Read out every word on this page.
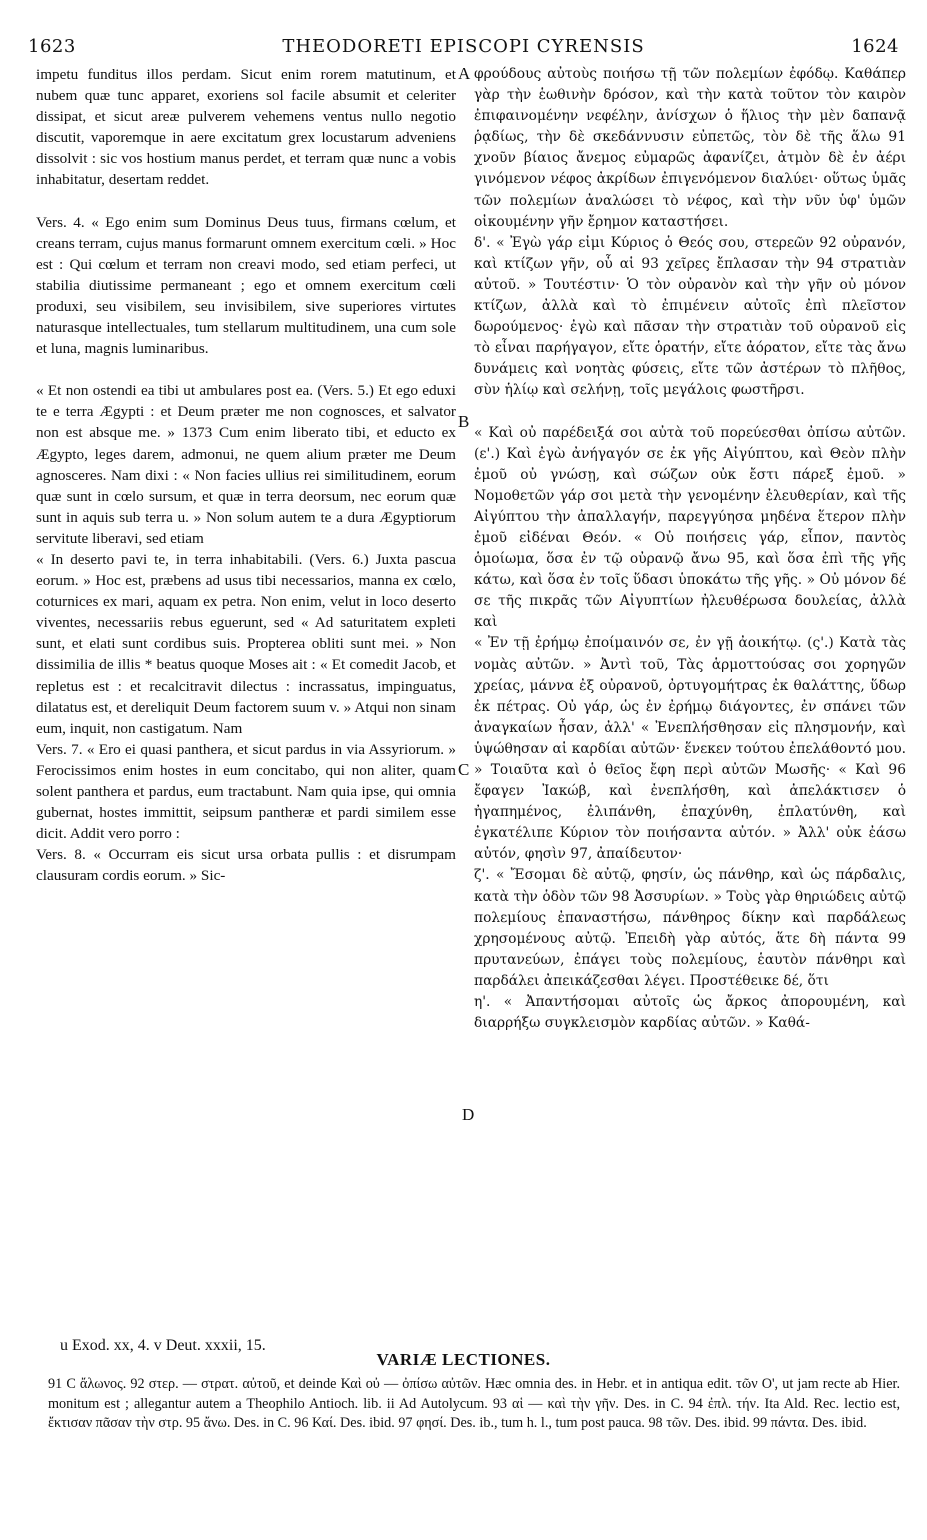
1623	THEODORETI EPISCOPI CYRENSIS	1624

impetu funditus illos perdam. Sicut enim rorem matutinum, et nubem quæ tunc apparet, exoriens sol facile absumit et celeriter dissipat, et sicut areæ pulverem vehemens ventus nullo negotio discutit, vaporemque in aere excitatum grex locustarum adveniens dissolvit : sic vos hostium manus perdet, et terram quæ nunc a vobis inhabitatur, desertam reddet.

Vers. 4. « Ego enim sum Dominus Deus tuus, firmans cœlum, et creans terram, cujus manus formarunt omnem exercitum cœli. » Hoc est : Qui cœlum et terram non creavi modo, sed etiam perfeci, ut stabilia diutissime permaneant ; ego et omnem exercitum cœli produxi, seu visibilem, seu invisibilem, sive superiores virtutes naturasque intellectuales, tum stellarum multitudinem, una cum sole et luna, magnis luminaribus.

« Et non ostendi ea tibi ut ambulares post ea. (Vers. 5.) Et ego eduxi te e terra Ægypti : et Deum præter me non cognosces, et salvator non est absque me. » 1373 Cum enim liberato tibi, et educto ex Ægypto, leges darem, admonui, ne quem alium præter me Deum agnosceres. Nam dixi : « Non facies ullius rei similitudinem, eorum quæ sunt in cœlo sursum, et quæ in terra deorsum, nec eorum quæ sunt in aquis sub terra u. » Non solum autem te a dura Ægyptiorum servitute liberavi, sed etiam

« In deserto pavi te, in terra inhabitabili. (Vers. 6.) Juxta pascua eorum. » Hoc est, præbens ad usus tibi necessarios, manna ex cœlo, coturnices ex mari, aquam ex petra. Non enim, velut in loco deserto viventes, necessariis rebus eguerunt, sed « Ad saturitatem expleti sunt, et elati sunt cordibus suis. Propterea obliti sunt mei. » Non dissimilia de illis * beatus quoque Moses ait : « Et comedit Jacob, et repletus est : et recalcitravit dilectus : incrassatus, impinguatus, dilatatus est, et dereliquit Deum factorem suum v. » Atqui non sinam eum, inquit, non castigatum. Nam

Vers. 7. « Ero ei quasi panthera, et sicut pardus in via Assyriorum. » Ferocissimos enim hostes in eum concitabo, qui non aliter, quam solent panthera et pardus, eum tractabunt. Nam quia ipse, qui omnia gubernat, hostes immittit, seipsum pantheræ et pardi similem esse dicit. Addit vero porro :

Vers. 8. « Occurram eis sicut ursa orbata pullis : et disrumpam clausuram cordis eorum. » Sic-

φρούδους αὐτοὺς ποιήσω τῇ τῶν πολεμίων ἐφόδῳ. Καθάπερ γὰρ τὴν ἑωθινὴν δρόσον, καὶ τὴν κατὰ τοῦτον τὸν καιρὸν ἐπιφαινομένην νεφέλην, ἀνίσχων ὁ ἥλιος τὴν μὲν δαπανᾷ ῥᾳδίως, τὴν δὲ σκεδάννυσιν εὐπετῶς, τὸν δὲ τῆς ἅλω 91 χνοῦν βίαιος ἄνεμος εὐμαρῶς ἀφανίζει, ἀτμὸν δὲ ἐν ἀέρι γινόμενον νέφος ἀκρίδων ἐπιγενόμενον διαλύει· οὕτως ὑμᾶς τῶν πολεμίων ἀναλώσει τὸ νέφος, καὶ τὴν νῦν ὑφ' ὑμῶν οἰκουμένην γῆν ἔρημον καταστήσει.

δ'. « Ἐγὼ γάρ εἰμι Κύριος ὁ Θεός σου, στερεῶν 92 οὐρανόν, καὶ κτίζων γῆν, οὗ αἱ 93 χεῖρες ἔπλασαν τὴν 94 στρατιὰν αὐτοῦ. » Τουτέστιν· Ὁ τὸν οὐρανὸν καὶ τὴν γῆν οὐ μόνον κτίζων, ἀλλὰ καὶ τὸ ἐπιμένειν αὐτοῖς ἐπὶ πλεῖστον δωρούμενος· ἐγὼ καὶ πᾶσαν τὴν στρατιὰν τοῦ οὐρανοῦ εἰς τὸ εἶναι παρήγαγον, εἴτε ὁρατήν, εἴτε ἀόρατον, εἴτε τὰς ἄνω δυνάμεις καὶ νοητὰς φύσεις, εἴτε τῶν ἀστέρων τὸ πλῆθος, σὺν ἡλίῳ καὶ σελήνῃ, τοῖς μεγάλοις φωστῆρσι.

« Καὶ οὐ παρέδειξά σοι αὐτὰ τοῦ πορεύεσθαι ὀπίσω αὐτῶν. (ε'.) Καὶ ἐγὼ ἀνήγαγόν σε ἐκ γῆς Αἰγύπτου, καὶ Θεὸν πλὴν ἐμοῦ οὐ γνώσῃ, καὶ σώζων οὐκ ἔστι πάρεξ ἐμοῦ. » Νομοθετῶν γάρ σοι μετὰ τὴν γενομένην ἐλευθερίαν, καὶ τῆς Αἰγύπτου τὴν ἀπαλλαγήν, παρεγγύησα μηδένα ἕτερον πλὴν ἐμοῦ εἰδέναι Θεόν. « Οὐ ποιήσεις γάρ, εἶπον, παντὸς ὁμοίωμα, ὅσα ἐν τῷ οὐρανῷ ἄνω 95, καὶ ὅσα ἐπὶ τῆς γῆς κάτω, καὶ ὅσα ἐν τοῖς ὕδασι ὑποκάτω τῆς γῆς. » Οὐ μόνον δέ σε τῆς πικρᾶς τῶν Αἰγυπτίων ἠλευθέρωσα δουλείας, ἀλλὰ καὶ

« Ἐν τῇ ἐρήμῳ ἐποίμαινόν σε, ἐν γῇ ἀοικήτῳ. (ς'.) Κατὰ τὰς νομὰς αὐτῶν. » Ἀντὶ τοῦ, Τὰς ἁρμοττούσας σοι χορηγῶν χρείας, μάννα ἐξ οὐρανοῦ, ὀρτυγομήτρας ἐκ θαλάττης, ὕδωρ ἐκ πέτρας. Οὐ γάρ, ὡς ἐν ἐρήμῳ διάγοντες, ἐν σπάνει τῶν ἀναγκαίων ἦσαν, ἀλλ' « Ἐνεπλήσθησαν εἰς πλησμονήν, καὶ ὑψώθησαν αἱ καρδίαι αὐτῶν· ἕνεκεν τούτου ἐπελάθοντό μου. » Τοιαῦτα καὶ ὁ θεῖος ἔφη περὶ αὐτῶν Μωσῆς· « Καὶ 96 ἔφαγεν Ἰακώβ, καὶ ἐνεπλήσθη, καὶ ἀπελάκτισεν ὁ ἠγαπημένος, ἐλιπάνθη, ἐπαχύνθη, ἐπλατύνθη, καὶ ἐγκατέλιπε Κύριον τὸν ποιήσαντα αὐτόν. » Ἀλλ' οὐκ ἐάσω αὐτόν, φησὶν 97, ἀπαίδευτον·

ζ'. « Ἔσομαι δὲ αὐτῷ, φησίν, ὡς πάνθηρ, καὶ ὡς πάρδαλις, κατὰ τὴν ὁδὸν τῶν 98 Ἀσσυρίων. » Τοὺς γὰρ θηριώδεις αὐτῷ πολεμίους ἐπαναστήσω, πάνθηρος δίκην καὶ παρδάλεως χρησομένους αὐτῷ. Ἐπειδὴ γὰρ αὐτός, ἅτε δὴ πάντα 99 πρυτανεύων, ἐπάγει τοὺς πολεμίους, ἑαυτὸν πάνθηρι καὶ παρδάλει ἀπεικάζεσθαι λέγει. Προστέθεικε δέ, ὅτι

η'. « Ἀπαντήσομαι αὐτοῖς ὡς ἄρκος ἀπορουμένη, καὶ διαρρήξω συγκλεισμὸν καρδίας αὐτῶν. » Καθά-

A
B
C
D
u Exod. xx, 4. v Deut. xxxii, 15.
VARIÆ LECTIONES.
91 C ἄλωνος. 92 στερ. — στρατ. αὐτοῦ, et deinde Καὶ οὐ — ὀπίσω αὐτῶν. Hæc omnia des. in Hebr. et in antiqua edit. τῶν Ο', ut jam recte ab Hier. monitum est ; allegantur autem a Theophilo Antioch. lib. ii Ad Autolycum. 93 αἱ — καὶ τὴν γῆν. Des. in C. 94 ἐπλ. τήν. Ita Ald. Rec. lectio est, ἔκτισαν πᾶσαν τὴν στρ. 95 ἄνω. Des. in C. 96 Καί. Des. ibid. 97 φησί. Des. ib., tum h. l., tum post pauca. 98 τῶν. Des. ibid. 99 πάντα. Des. ibid.
